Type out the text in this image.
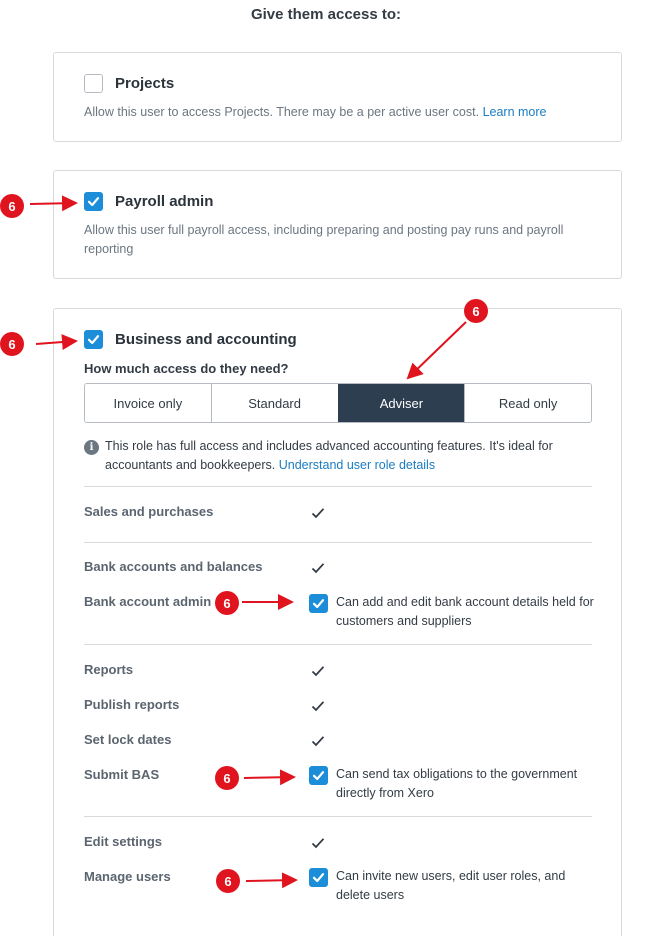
Give them access to:
Projects
Allow this user to access Projects. There may be a per active user cost. Learn more
Payroll admin
Allow this user full payroll access, including preparing and posting pay runs and payroll reporting
Business and accounting
How much access do they need?
Invoice only	Standard	Adviser	Read only
i This role has full access and includes advanced accounting features. It's ideal for accountants and bookkeepers. Understand user role details
Sales and purchases
Bank accounts and balances
Bank account admin	Can add and edit bank account details held for customers and suppliers
Reports
Publish reports
Set lock dates
Submit BAS	Can send tax obligations to the government directly from Xero
Edit settings
Manage users	Can invite new users, edit user roles, and delete users
6
6
6
6
6
6
